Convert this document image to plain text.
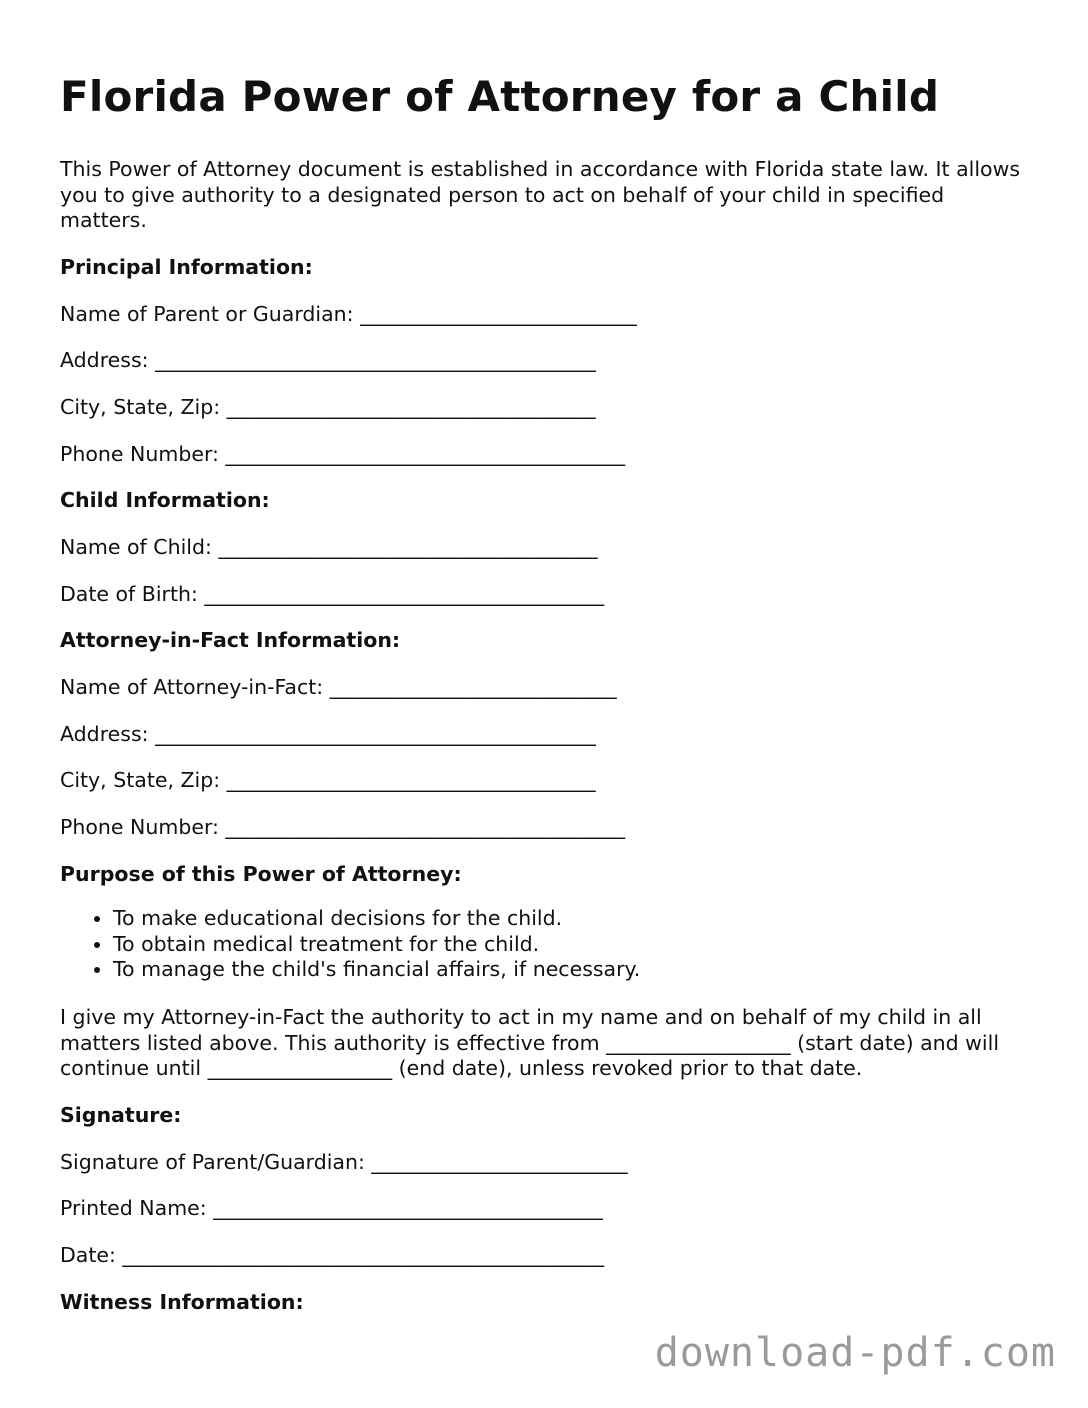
Florida Power of Attorney for a Child

This Power of Attorney document is established in accordance with Florida state law. It allows you to give authority to a designated person to act on behalf of your child in specified matters.

Principal Information:
Name of Parent or Guardian: ___________________________
Address: ___________________________________________
City, State, Zip: ____________________________________
Phone Number: _______________________________________
Child Information:
Name of Child: _____________________________________
Date of Birth: _______________________________________
Attorney-in-Fact Information:
Name of Attorney-in-Fact: ____________________________
Address: ___________________________________________
City, State, Zip: ____________________________________
Phone Number: _______________________________________
Purpose of this Power of Attorney:
• To make educational decisions for the child.
• To obtain medical treatment for the child.
• To manage the child's financial affairs, if necessary.

I give my Attorney-in-Fact the authority to act in my name and on behalf of my child in all matters listed above. This authority is effective from __________________ (start date) and will continue until __________________ (end date), unless revoked prior to that date.

Signature:
Signature of Parent/Guardian: _________________________
Printed Name: ______________________________________
Date: _______________________________________________
Witness Information:
download-pdf.com
